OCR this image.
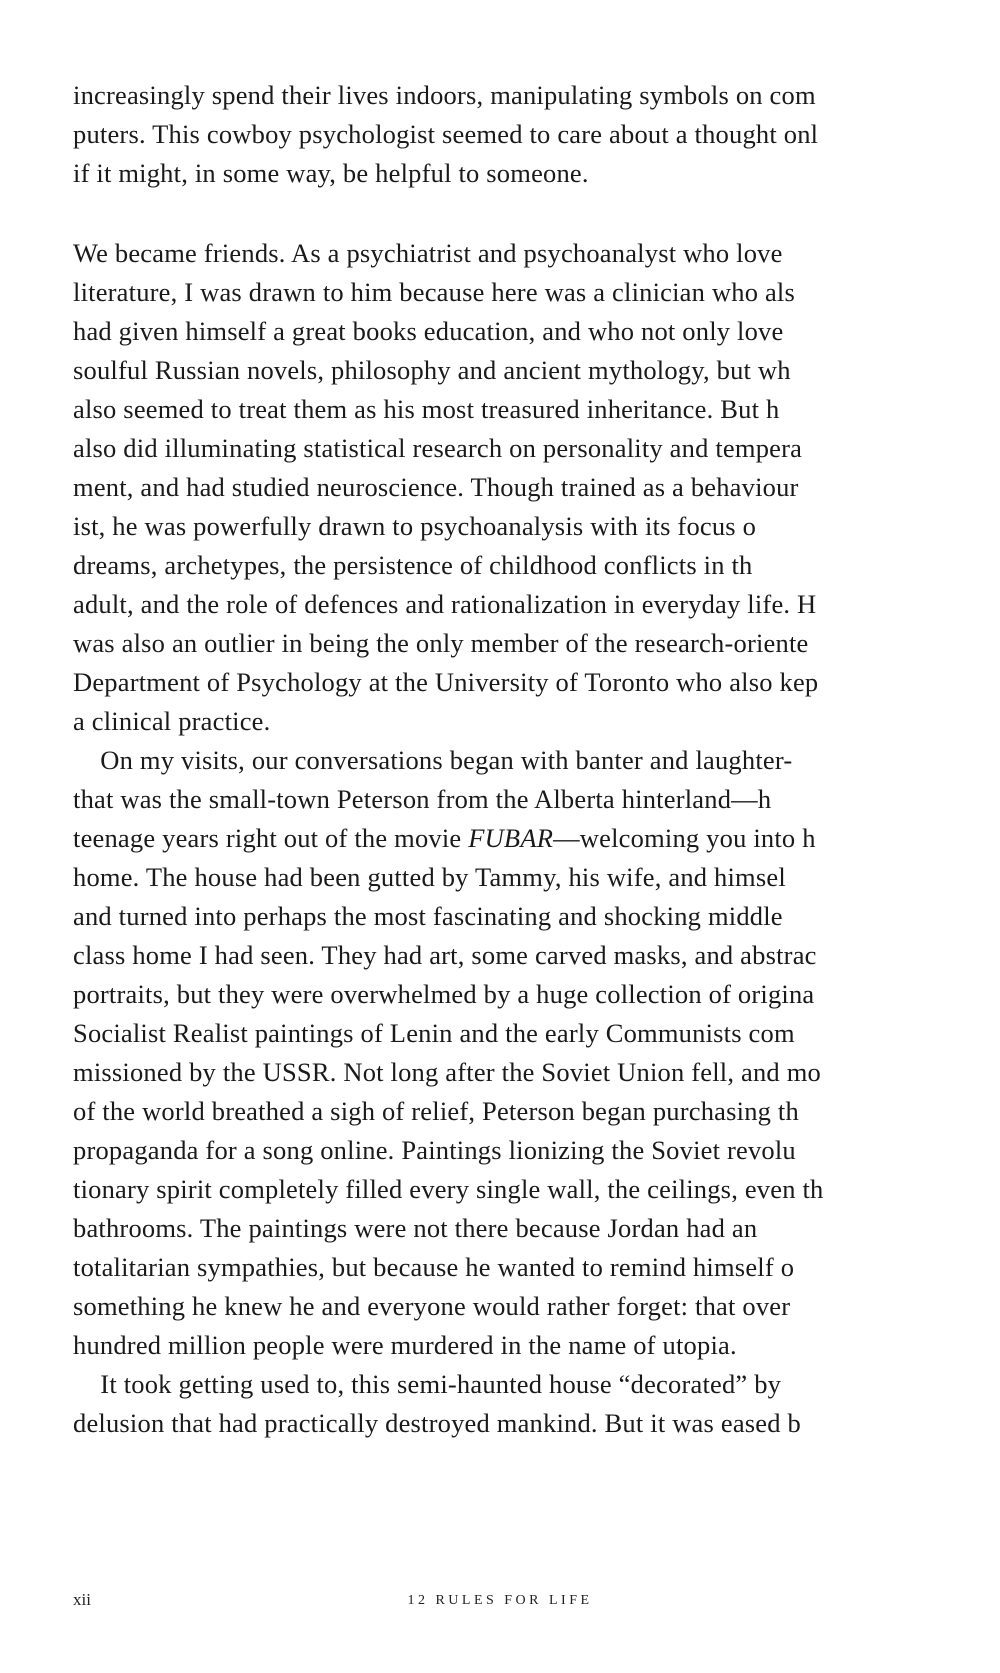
increasingly spend their lives indoors, manipulating symbols on com
puters. This cowboy psychologist seemed to care about a thought onl
if it might, in some way, be helpful to someone.
We became friends. As a psychiatrist and psychoanalyst who love
literature, I was drawn to him because here was a clinician who als
had given himself a great books education, and who not only love
soulful Russian novels, philosophy and ancient mythology, but wh
also seemed to treat them as his most treasured inheritance. But h
also did illuminating statistical research on personality and tempera
ment, and had studied neuroscience. Though trained as a behaviour
ist, he was powerfully drawn to psychoanalysis with its focus o
dreams, archetypes, the persistence of childhood conflicts in th
adult, and the role of defences and rationalization in everyday life. H
was also an outlier in being the only member of the research-oriente
Department of Psychology at the University of Toronto who also kep
a clinical practice.
On my visits, our conversations began with banter and laughter-
that was the small-town Peterson from the Alberta hinterland—h
teenage years right out of the movie FUBAR—welcoming you into h
home. The house had been gutted by Tammy, his wife, and himsel
and turned into perhaps the most fascinating and shocking middle
class home I had seen. They had art, some carved masks, and abstrac
portraits, but they were overwhelmed by a huge collection of origina
Socialist Realist paintings of Lenin and the early Communists com
missioned by the USSR. Not long after the Soviet Union fell, and mo
of the world breathed a sigh of relief, Peterson began purchasing th
propaganda for a song online. Paintings lionizing the Soviet revolu
tionary spirit completely filled every single wall, the ceilings, even th
bathrooms. The paintings were not there because Jordan had an
totalitarian sympathies, but because he wanted to remind himself o
something he knew he and everyone would rather forget: that over
hundred million people were murdered in the name of utopia.
It took getting used to, this semi-haunted house “decorated” by
delusion that had practically destroyed mankind. But it was eased b
xii	12 RULES FOR LIFE
